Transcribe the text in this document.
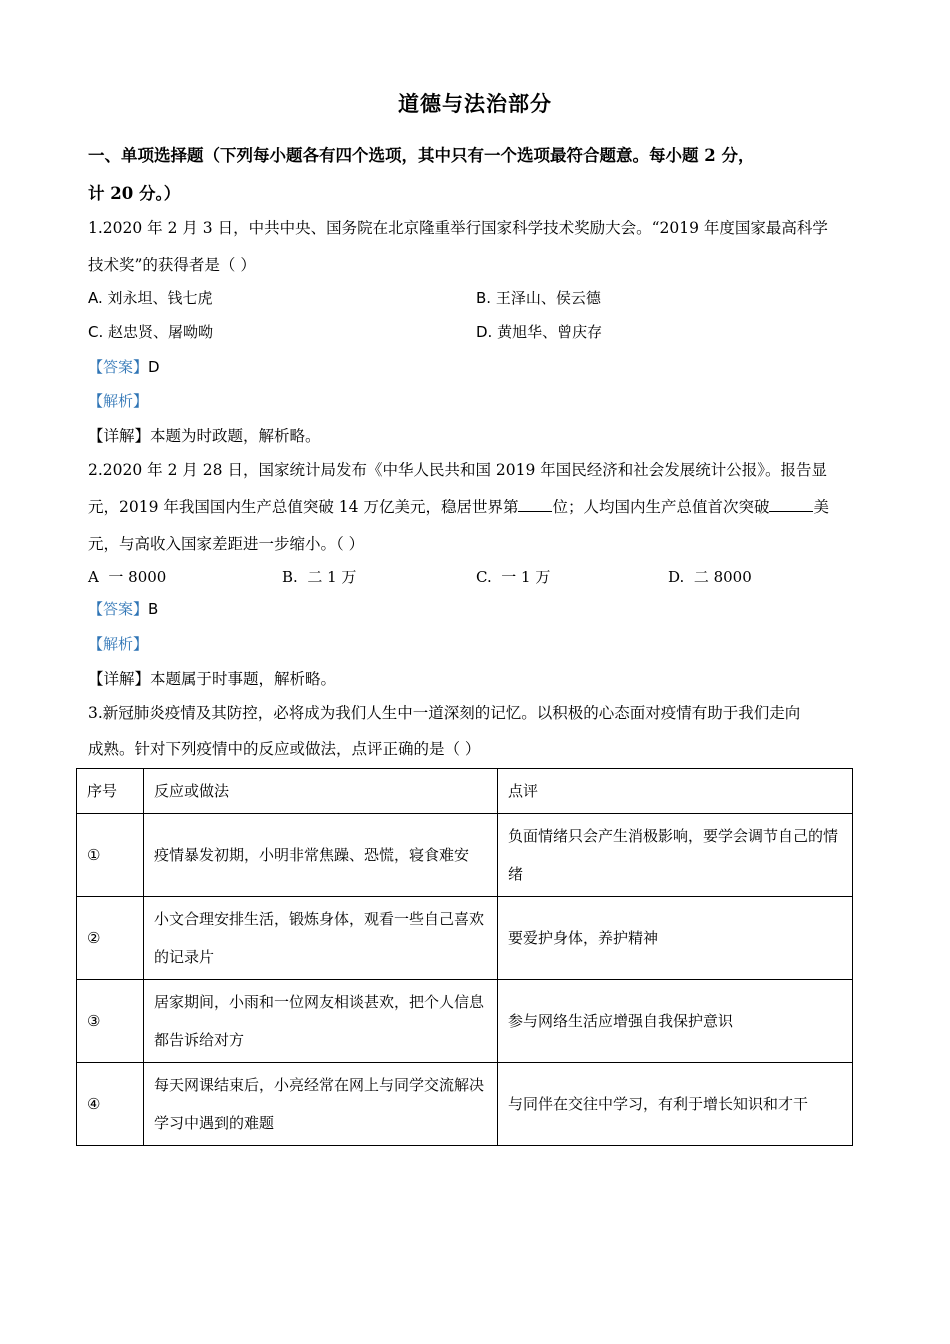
道德与法治部分
一、单项选择题（下列每小题各有四个选项，其中只有一个选项最符合题意。每小题 2 分，
计 20 分。）
1.2020 年 2 月 3 日，中共中央、国务院在北京隆重举行国家科学技术奖励大会。“2019 年度国家最高科学
技术奖”的获得者是（ ）
A. 刘永坦、钱七虎	B. 王泽山、侯云德
C. 赵忠贤、屠呦呦	D. 黄旭华、曾庆存
【答案】D
【解析】
【详解】本题为时政题，解析略。
2.2020 年 2 月 28 日，国家统计局发布《中华人民共和国 2019 年国民经济和社会发展统计公报》。报告显
元，2019 年我国国内生产总值突破 14 万亿美元，稳居世界第 位；人均国内生产总值首次突破	美
元，与高收入国家差距进一步缩小。（ ）
A 一 8000	B. 二 1 万	C. 一 1 万	D. 二 8000
【答案】B
【解析】
【详解】本题属于时事题，解析略。
3.新冠肺炎疫情及其防控，必将成为我们人生中一道深刻的记忆。以积极的心态面对疫情有助于我们走向
成熟。针对下列疫情中的反应或做法，点评正确的是（ ）
序号	反应或做法	点评
①	疫情暴发初期，小明非常焦躁、恐慌，寝食难安	负面情绪只会产生消极影响，要学会调节自己的情绪
②	小文合理安排生活，锻炼身体，观看一些自己喜欢的记录片	要爱护身体，养护精神
③	居家期间，小雨和一位网友相谈甚欢，把个人信息都告诉给对方	参与网络生活应增强自我保护意识
④	每天网课结束后，小亮经常在网上与同学交流解决学习中遇到的难题	与同伴在交往中学习，有利于增长知识和才干
